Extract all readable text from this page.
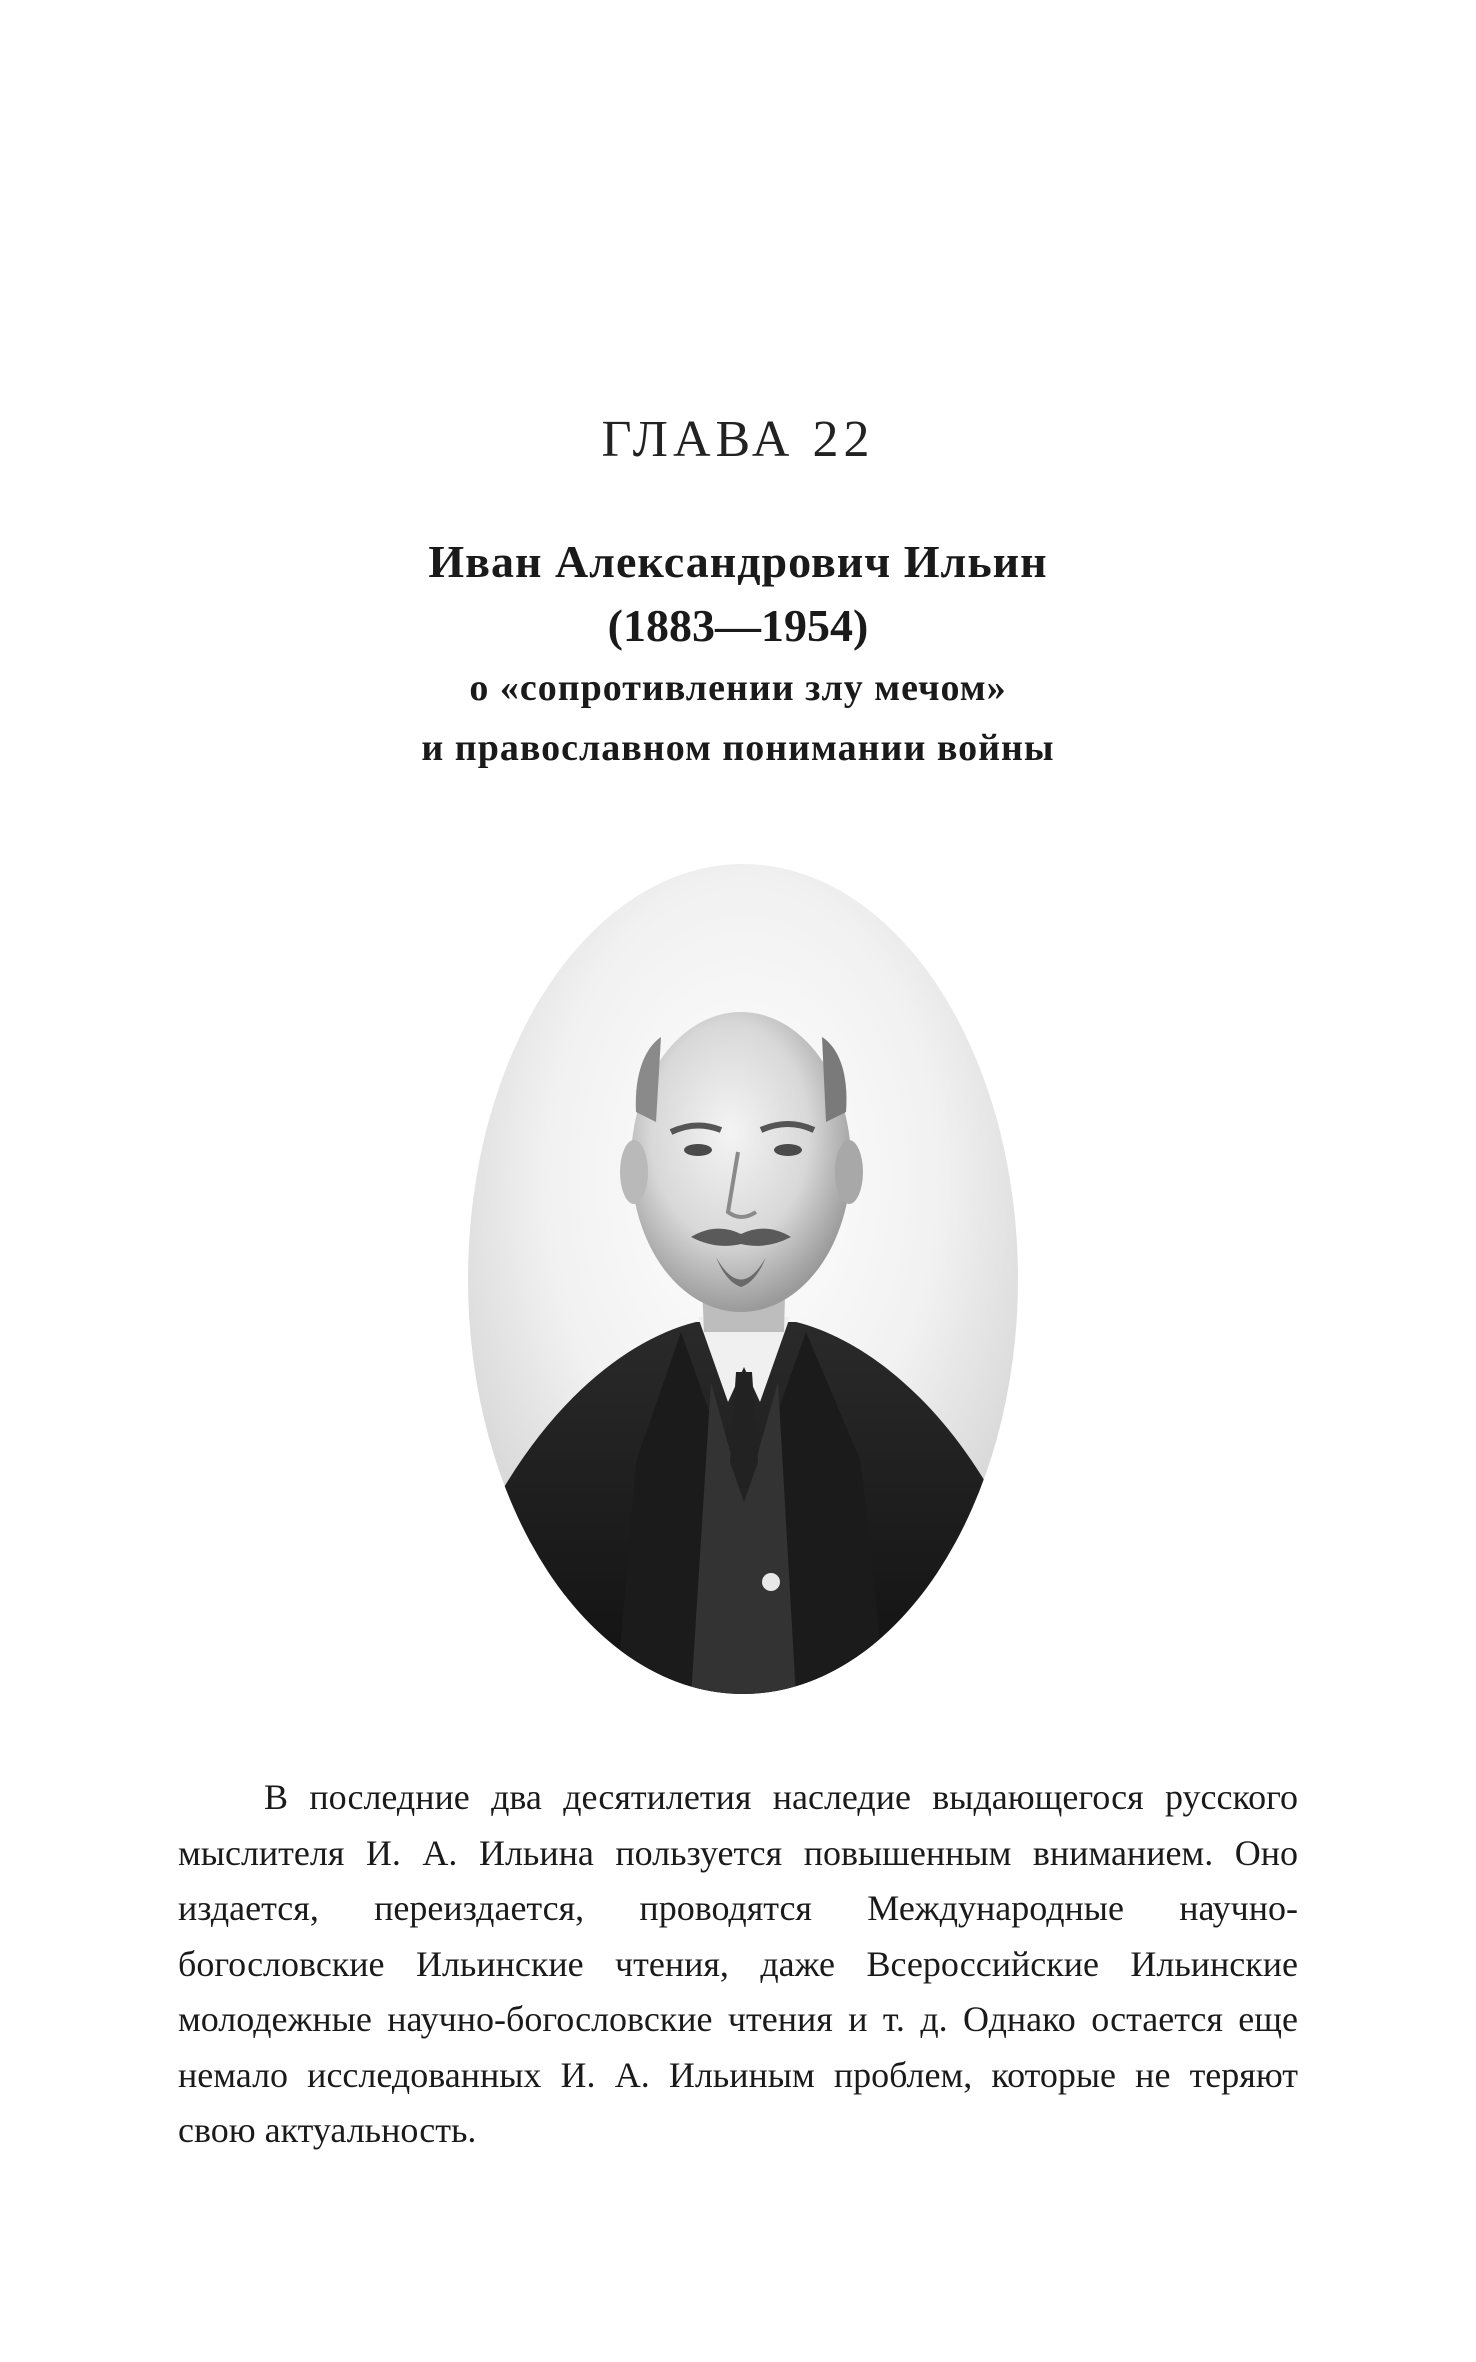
ГЛАВА 22

Иван Александрович Ильин

(1883—1954)

о «сопротивлении злу мечом»

и православном понимании войны

В последние два десятилетия наследие выдающегося русского мыслителя И. А. Ильина пользуется повышенным вниманием. Оно издается, переиздается, проводятся Международные научно-богословские Ильинские чтения, даже Всероссийские Ильинские молодежные научно-богословские чтения и т. д. Однако остается еще немало исследованных И. А. Ильиным проблем, которые не теряют свою актуальность.
